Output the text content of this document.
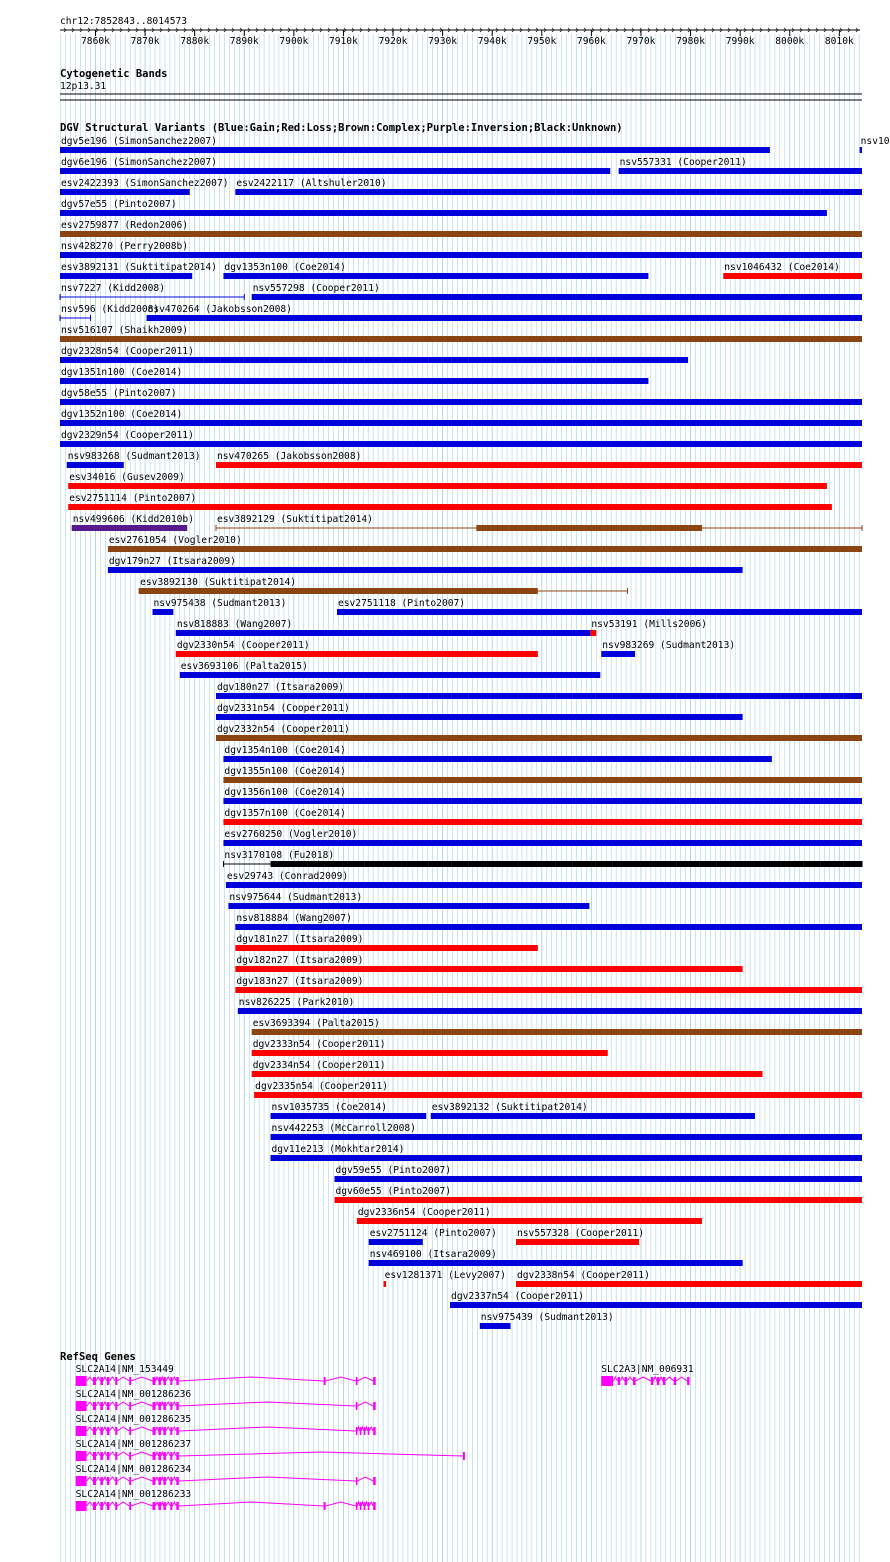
chr12:7852843..8014573
7860k 7870k 7880k 7890k 7900k 7910k 7920k 7930k 7940k 7950k 7960k 7970k 7980k 7990k 8000k 8010k
Cytogenetic Bands
12p13.31
DGV Structural Variants (Blue:Gain;Red:Loss;Brown:Complex;Purple:Inversion;Black:Unknown)
dgv5e196 (SimonSanchez2007)	nsv10
dgv6e196 (SimonSanchez2007)	nsv557331 (Cooper2011)
esv2422393 (SimonSanchez2007) esv2422117 (Altshuler2010)
dgv57e55 (Pinto2007)
esv2759877 (Redon2006)
nsv428270 (Perry2008b)
esv3892131 (Suktitipat2014) dgv1353n100 (Coe2014)	nsv1046432 (Coe2014)
nsv7227 (Kidd2008)	nsv557298 (Cooper2011)
nsv596 (Kidd2008)
nsv470264 (Jakobsson2008)
nsv516107 (Shaikh2009)
dgv2328n54 (Cooper2011)
dgv1351n100 (Coe2014)
dgv58e55 (Pinto2007)
dgv1352n100 (Coe2014)
dgv2329n54 (Cooper2011)
nsv983268 (Sudmant2013) nsv470265 (Jakobsson2008)
esv34016 (Gusev2009)
esv2751114 (Pinto2007)
nsv499606 (Kidd2010b) esv3892129 (Suktitipat2014)
esv2761054 (Vogler2010)
dgv179n27 (Itsara2009)
esv3892130 (Suktitipat2014)
nsv975438 (Sudmant2013)	esv2751118 (Pinto2007)
nsv818883 (Wang2007)	nsv53191 (Mills2006)
dgv2330n54 (Cooper2011)	nsv983269 (Sudmant2013)
esv3693106 (Palta2015)
dgv180n27 (Itsara2009)
dgv2331n54 (Cooper2011)
dgv2332n54 (Cooper2011)
dgv1354n100 (Coe2014)
dgv1355n100 (Coe2014)
dgv1356n100 (Coe2014)
dgv1357n100 (Coe2014)
esv2760250 (Vogler2010)
nsv3170108 (Fu2018)
esv29743 (Conrad2009)
nsv975644 (Sudmant2013)
nsv818884 (Wang2007)
dgv181n27 (Itsara2009)
dgv182n27 (Itsara2009)
dgv183n27 (Itsara2009)
nsv826225 (Park2010)
esv3693394 (Palta2015)
dgv2333n54 (Cooper2011)
dgv2334n54 (Cooper2011)
dgv2335n54 (Cooper2011)
nsv1035735 (Coe2014)	esv3892132 (Suktitipat2014)
nsv442253 (McCarroll2008)
dgv11e213 (Mokhtar2014)
dgv59e55 (Pinto2007)
dgv60e55 (Pinto2007)
dgv2336n54 (Cooper2011)
esv2751124 (Pinto2007) nsv557328 (Cooper2011)
nsv469100 (Itsara2009)
esv1281371 (Levy2007) dgv2338n54 (Cooper2011)
dgv2337n54 (Cooper2011)
nsv975439 (Sudmant2013)
RefSeq Genes
SLC2A14|NM_153449	SLC2A3|NM_006931
SLC2A14|NM_001286236
SLC2A14|NM_001286235
SLC2A14|NM_001286237
SLC2A14|NM_001286234
SLC2A14|NM_001286233
